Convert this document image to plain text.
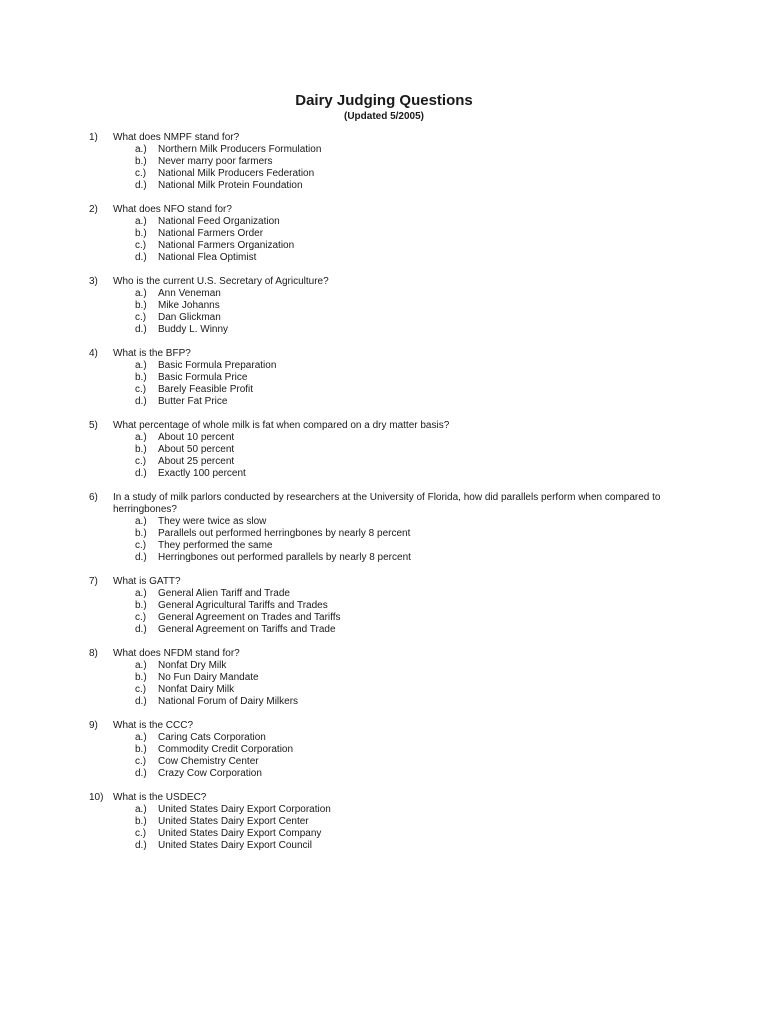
Dairy Judging Questions
(Updated 5/2005)
1)	What does NMPF stand for?
a.)	Northern Milk Producers Formulation
b.)	Never marry poor farmers
c.)	National Milk Producers Federation
d.)	National Milk Protein Foundation
2)	What does NFO stand for?
a.)	National Feed Organization
b.)	National Farmers Order
c.)	National Farmers Organization
d.)	National Flea Optimist
3)	Who is the current U.S. Secretary of Agriculture?
a.)	Ann Veneman
b.)	Mike Johanns
c.)	Dan Glickman
d.)	Buddy L. Winny
4)	What is the BFP?
a.)	Basic Formula Preparation
b.)	Basic Formula Price
c.)	Barely Feasible Profit
d.)	Butter Fat Price
5)	What percentage of whole milk is fat when compared on a dry matter basis?
a.)	About 10 percent
b.)	About 50 percent
c.)	About 25 percent
d.)	Exactly 100 percent
6)	In a study of milk parlors conducted by researchers at the University of Florida, how did parallels perform when compared to herringbones?
a.)	They were twice as slow
b.)	Parallels out performed herringbones by nearly 8 percent
c.)	They performed the same
d.)	Herringbones out performed parallels by nearly 8 percent
7)	What is GATT?
a.)	General Alien Tariff and Trade
b.)	General Agricultural Tariffs and Trades
c.)	General Agreement on Trades and Tariffs
d.)	General Agreement on Tariffs and Trade
8)	What does NFDM stand for?
a.)	Nonfat Dry Milk
b.)	No Fun Dairy Mandate
c.)	Nonfat Dairy Milk
d.)	National Forum of Dairy Milkers
9)	What is the CCC?
a.)	Caring Cats Corporation
b.)	Commodity Credit Corporation
c.)	Cow Chemistry Center
d.)	Crazy Cow Corporation
10) What is the USDEC?
a.)	United States Dairy Export Corporation
b.)	United States Dairy Export Center
c.)	United States Dairy Export Company
d.)	United States Dairy Export Council
